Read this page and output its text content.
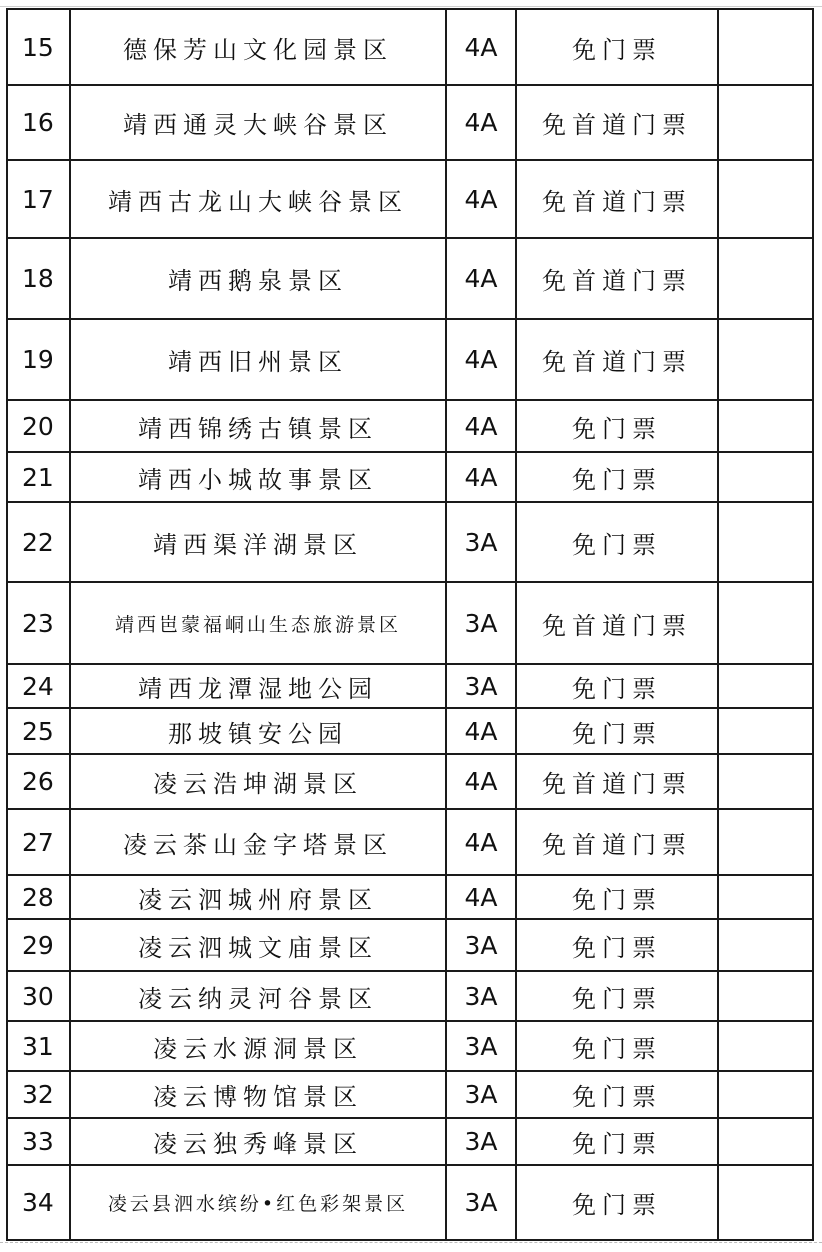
15	德保芳山文化园景区	4A	免门票	
16	靖西通灵大峡谷景区	4A	免首道门票	
17	靖西古龙山大峡谷景区	4A	免首道门票	
18	靖西鹅泉景区	4A	免首道门票	
19	靖西旧州景区	4A	免首道门票	
20	靖西锦绣古镇景区	4A	免门票	
21	靖西小城故事景区	4A	免门票	
22	靖西渠洋湖景区	3A	免门票	
23	靖西岜蒙福峒山生态旅游景区	3A	免首道门票	
24	靖西龙潭湿地公园	3A	免门票	
25	那坡镇安公园	4A	免门票	
26	凌云浩坤湖景区	4A	免首道门票	
27	凌云茶山金字塔景区	4A	免首道门票	
28	凌云泗城州府景区	4A	免门票	
29	凌云泗城文庙景区	3A	免门票	
30	凌云纳灵河谷景区	3A	免门票	
31	凌云水源洞景区	3A	免门票	
32	凌云博物馆景区	3A	免门票	
33	凌云独秀峰景区	3A	免门票	
34	凌云县泗水缤纷•红色彩架景区	3A	免门票	
